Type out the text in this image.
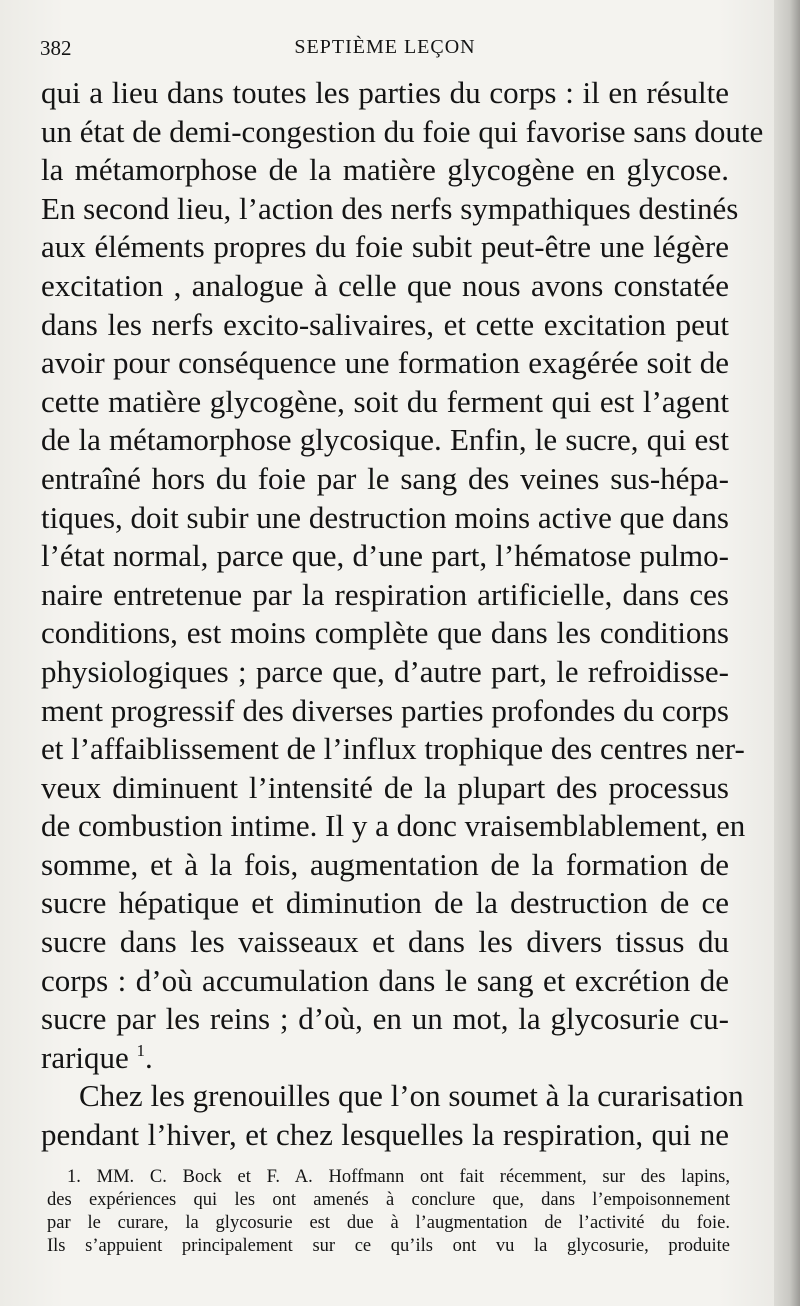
382	SEPTIÈME LEÇON
qui a lieu dans toutes les parties du corps : il en résulte
un état de demi-congestion du foie qui favorise sans doute
la métamorphose de la matière glycogène en glycose.
En second lieu, l’action des nerfs sympathiques destinés
aux éléments propres du foie subit peut-être une légère
excitation , analogue à celle que nous avons constatée
dans les nerfs excito-salivaires, et cette excitation peut
avoir pour conséquence une formation exagérée soit de
cette matière glycogène, soit du ferment qui est l’agent
de la métamorphose glycosique. Enfin, le sucre, qui est
entraîné hors du foie par le sang des veines sus-hépa-
tiques, doit subir une destruction moins active que dans
l’état normal, parce que, d’une part, l’hématose pulmo-
naire entretenue par la respiration artificielle, dans ces
conditions, est moins complète que dans les conditions
physiologiques ; parce que, d’autre part, le refroidisse-
ment progressif des diverses parties profondes du corps
et l’affaiblissement de l’influx trophique des centres ner-
veux diminuent l’intensité de la plupart des processus
de combustion intime. Il y a donc vraisemblablement, en
somme, et à la fois, augmentation de la formation de
sucre hépatique et diminution de la destruction de ce
sucre dans les vaisseaux et dans les divers tissus du
corps : d’où accumulation dans le sang et excrétion de
sucre par les reins ; d’où, en un mot, la glycosurie cu-
rarique $^1$.
Chez les grenouilles que l’on soumet à la curarisation
pendant l’hiver, et chez lesquelles la respiration, qui ne
1. MM. C. Bock et F. A. Hoffmann ont fait récemment, sur des lapins,
des expériences qui les ont amenés à conclure que, dans l’empoisonnement
par le curare, la glycosurie est due à l’augmentation de l’activité du foie.
Ils s’appuient principalement sur ce qu’ils ont vu la glycosurie, produite
